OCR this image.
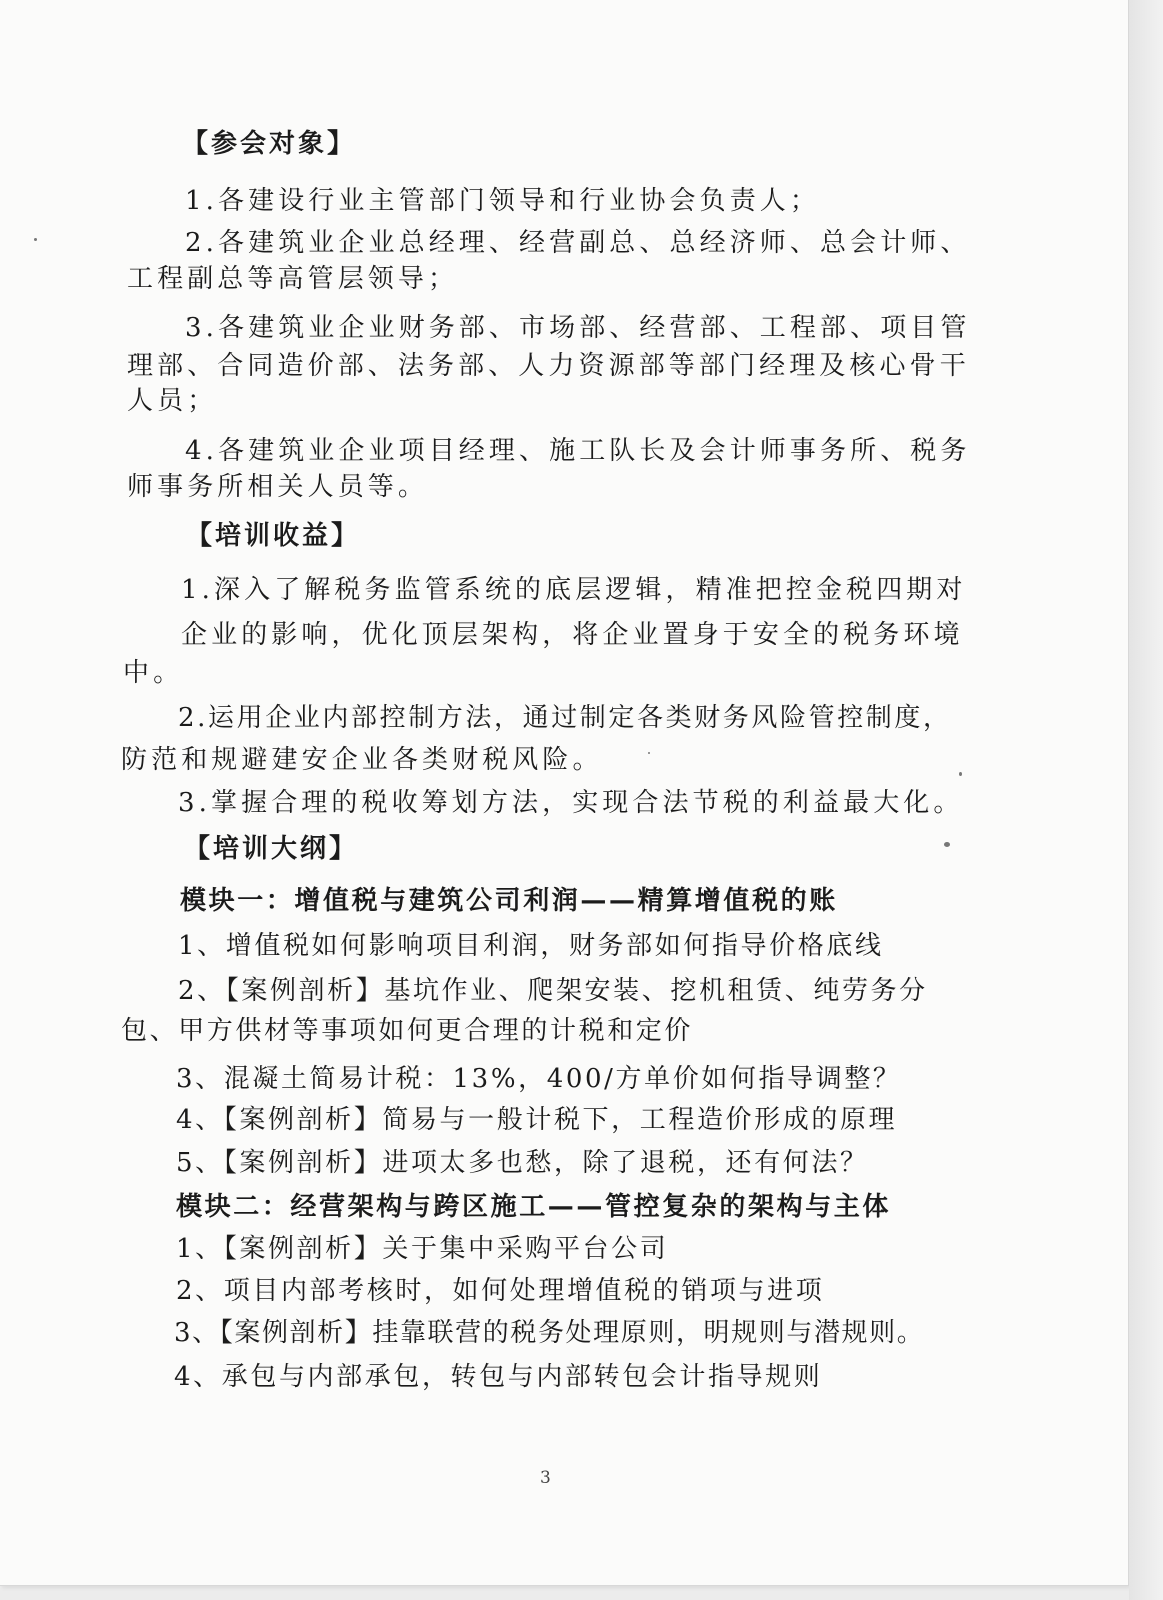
【参会对象】
1.各建设行业主管部门领导和行业协会负责人；
2.各建筑业企业总经理、经营副总、总经济师、总会计师、
工程副总等高管层领导；
3.各建筑业企业财务部、市场部、经营部、工程部、项目管
理部、合同造价部、法务部、人力资源部等部门经理及核心骨干
人员；
4.各建筑业企业项目经理、施工队长及会计师事务所、税务
师事务所相关人员等。
【培训收益】
1.深入了解税务监管系统的底层逻辑，精准把控金税四期对
企业的影响，优化顶层架构，将企业置身于安全的税务环境
中。
2.运用企业内部控制方法，通过制定各类财务风险管控制度，
防范和规避建安企业各类财税风险。
3.掌握合理的税收筹划方法，实现合法节税的利益最大化。
【培训大纲】
模块一：增值税与建筑公司利润——精算增值税的账
1、增值税如何影响项目利润，财务部如何指导价格底线
2、【案例剖析】基坑作业、爬架安装、挖机租赁、纯劳务分
包、甲方供材等事项如何更合理的计税和定价
3、混凝土简易计税：13%，400/方单价如何指导调整？
4、【案例剖析】简易与一般计税下，工程造价形成的原理
5、【案例剖析】进项太多也愁，除了退税，还有何法？
模块二：经营架构与跨区施工——管控复杂的架构与主体
1、【案例剖析】关于集中采购平台公司
2、项目内部考核时，如何处理增值税的销项与进项
3、【案例剖析】挂靠联营的税务处理原则，明规则与潜规则。
4、承包与内部承包，转包与内部转包会计指导规则
3
